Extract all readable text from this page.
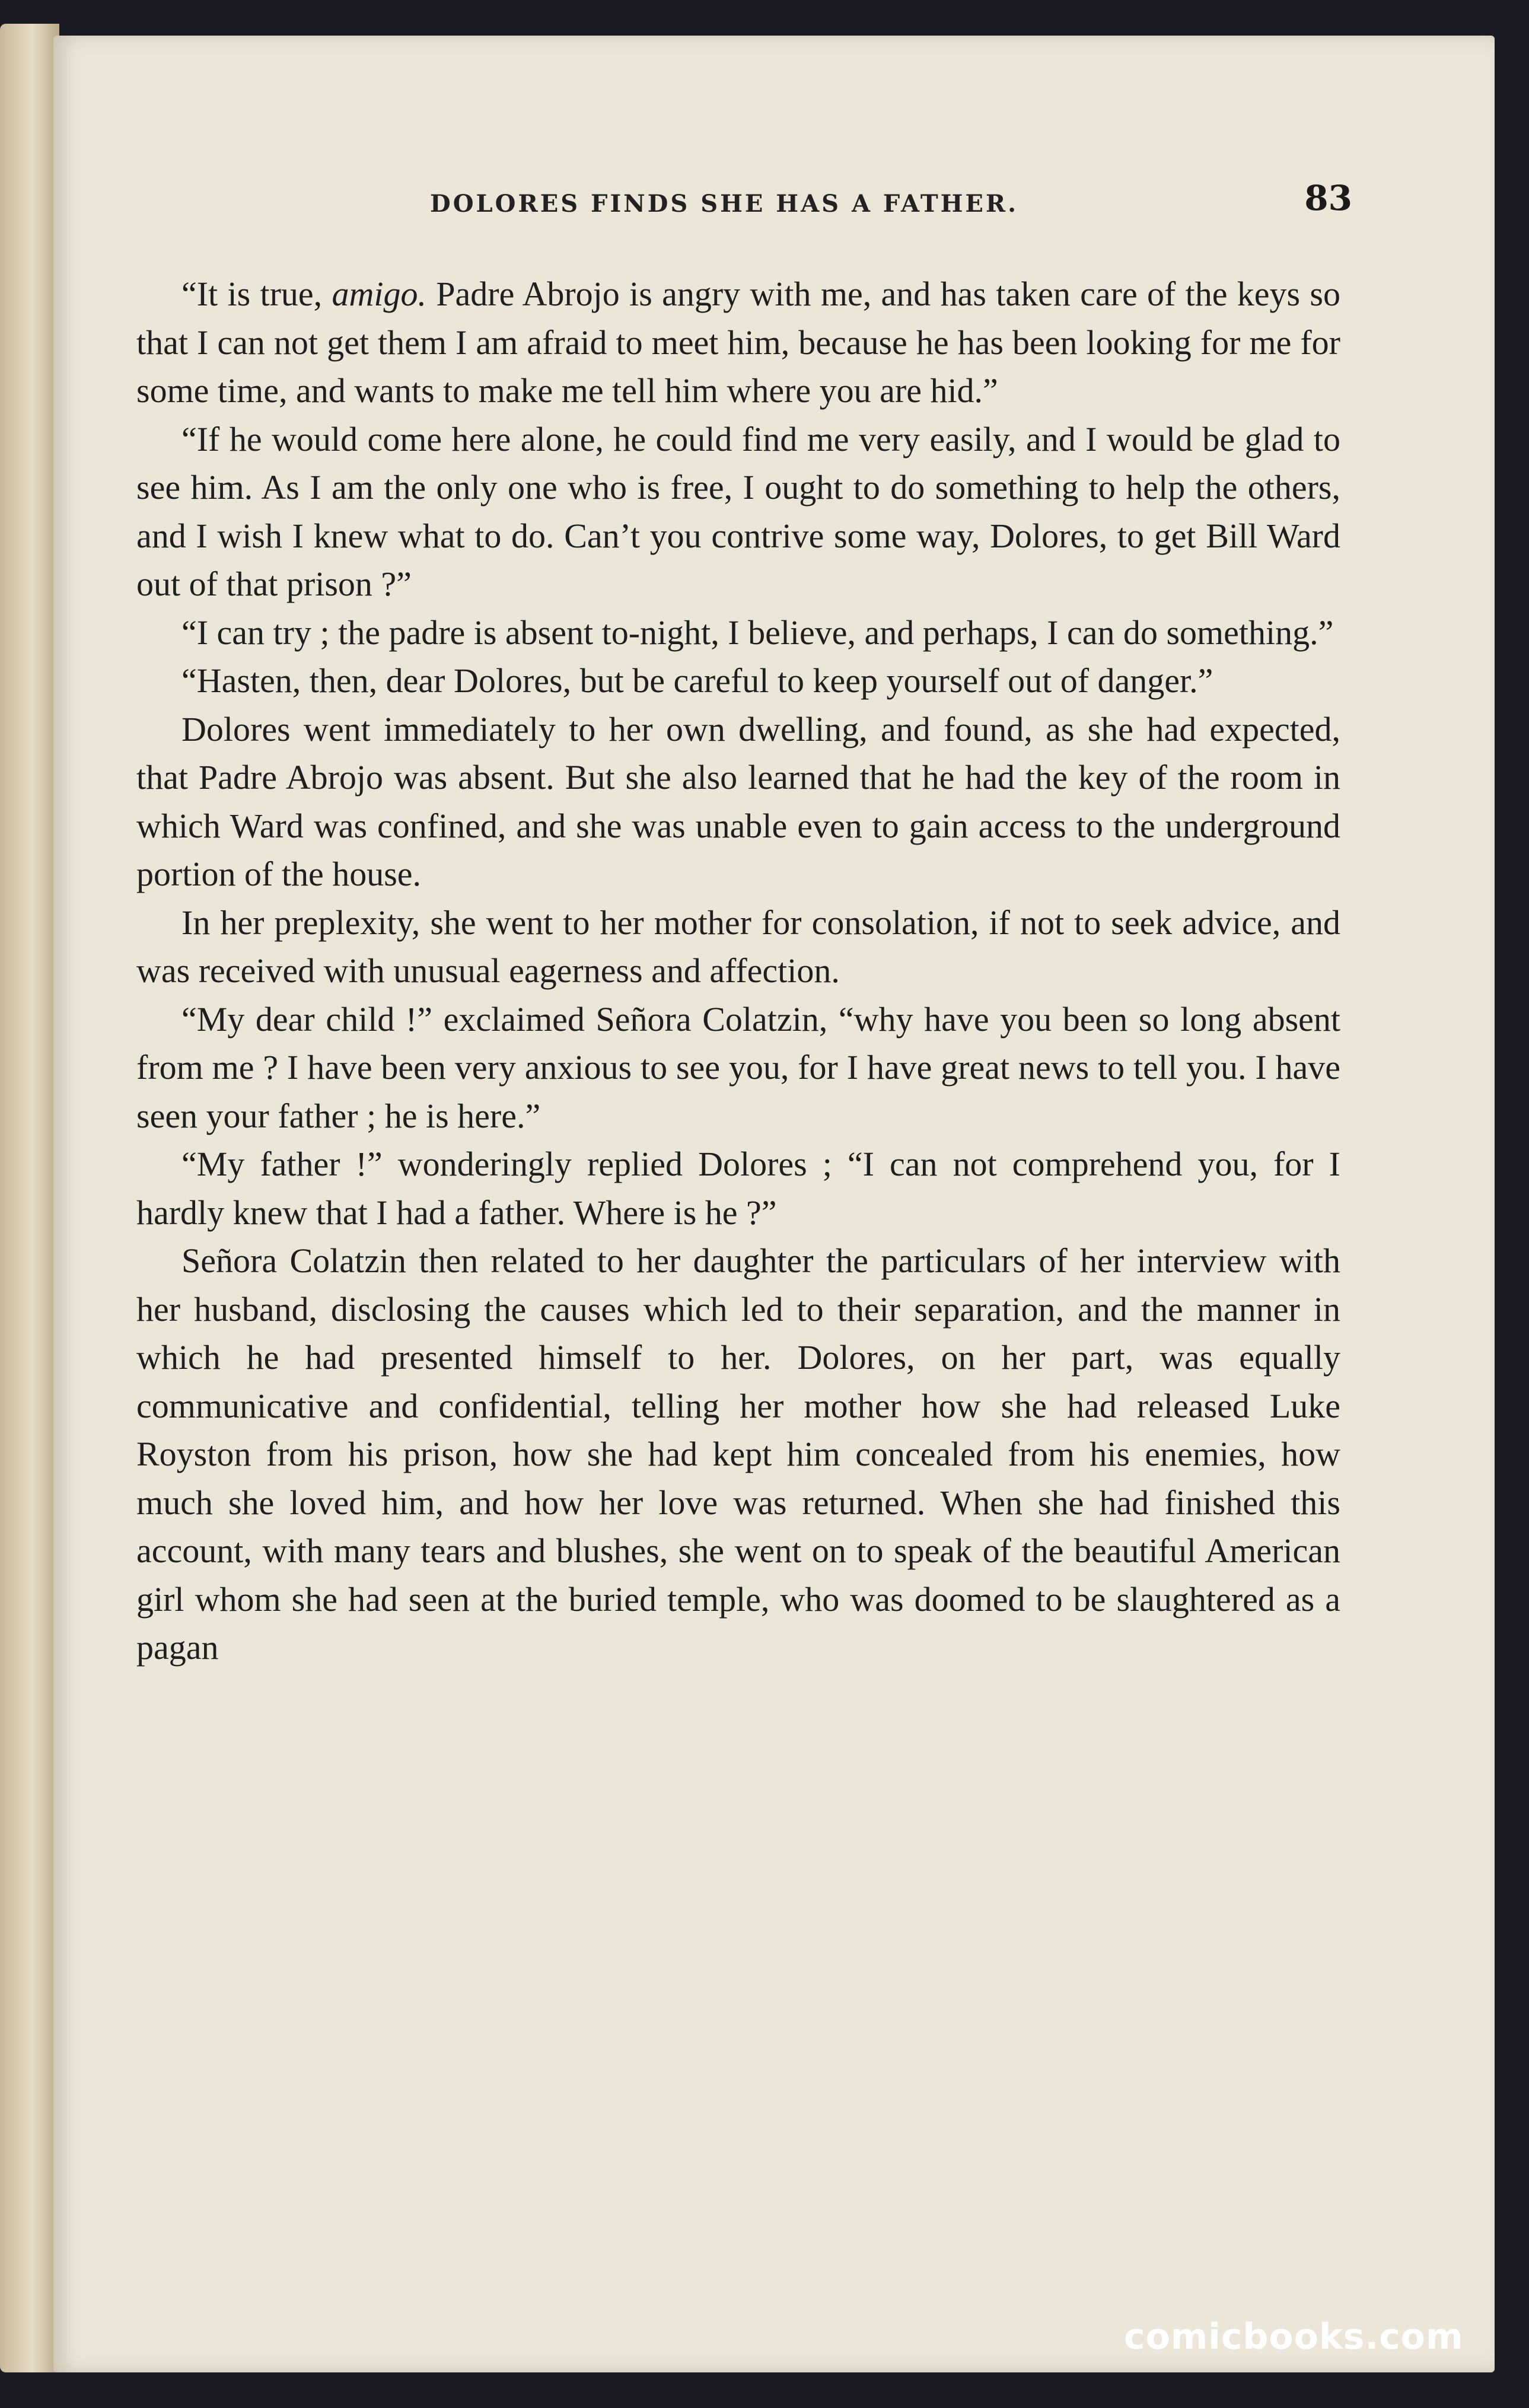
DOLORES FINDS SHE HAS A FATHER.	83

“It is true, amigo. Padre Abrojo is angry with me, and has taken care of the keys so that I can not get them I am afraid to meet him, because he has been looking for me for some time, and wants to make me tell him where you are hid.”

“If he would come here alone, he could find me very easily, and I would be glad to see him. As I am the only one who is free, I ought to do something to help the others, and I wish I knew what to do. Can’t you contrive some way, Dolores, to get Bill Ward out of that prison ?”

“I can try ; the padre is absent to-night, I believe, and perhaps, I can do something.”

“Hasten, then, dear Dolores, but be careful to keep yourself out of danger.”

Dolores went immediately to her own dwelling, and found, as she had expected, that Padre Abrojo was absent. But she also learned that he had the key of the room in which Ward was confined, and she was unable even to gain access to the underground portion of the house.

In her preplexity, she went to her mother for consolation, if not to seek advice, and was received with unusual eagerness and affection.

“My dear child !” exclaimed Señora Colatzin, “why have you been so long absent from me ? I have been very anxious to see you, for I have great news to tell you. I have seen your father ; he is here.”

“My father !” wonderingly replied Dolores ; “I can not comprehend you, for I hardly knew that I had a father. Where is he ?”

Señora Colatzin then related to her daughter the particulars of her interview with her husband, disclosing the causes which led to their separation, and the manner in which he had presented himself to her. Dolores, on her part, was equally communicative and confidential, telling her mother how she had released Luke Royston from his prison, how she had kept him concealed from his enemies, how much she loved him, and how her love was returned. When she had finished this account, with many tears and blushes, she went on to speak of the beautiful American girl whom she had seen at the buried temple, who was doomed to be slaughtered as a pagan

comicbooks.com
